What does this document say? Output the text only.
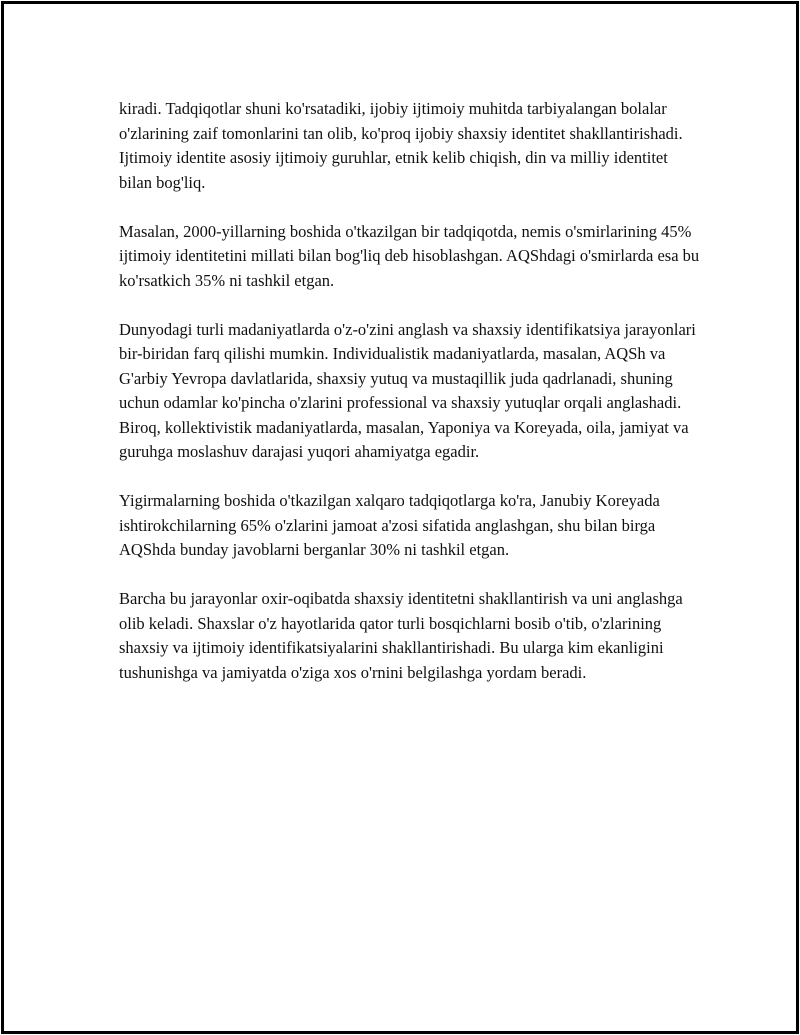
kiradi. Tadqiqotlar shuni ko'rsatadiki, ijobiy ijtimoiy muhitda tarbiyalangan bolalar o'zlarining zaif tomonlarini tan olib, ko'proq ijobiy shaxsiy identitet shakllantirishadi. Ijtimoiy identite asosiy ijtimoiy guruhlar, etnik kelib chiqish, din va milliy identitet bilan bog'liq.

Masalan, 2000-yillarning boshida o'tkazilgan bir tadqiqotda, nemis o'smirlarining 45% ijtimoiy identitetini millati bilan bog'liq deb hisoblashgan. AQShdagi o'smirlarda esa bu ko'rsatkich 35% ni tashkil etgan.

Dunyodagi turli madaniyatlarda o'z-o'zini anglash va shaxsiy identifikatsiya jarayonlari bir-biridan farq qilishi mumkin. Individualistik madaniyatlarda, masalan, AQSh va G'arbiy Yevropa davlatlarida, shaxsiy yutuq va mustaqillik juda qadrlanadi, shuning uchun odamlar ko'pincha o'zlarini professional va shaxsiy yutuqlar orqali anglashadi. Biroq, kollektivistik madaniyatlarda, masalan, Yaponiya va Koreyada, oila, jamiyat va guruhga moslashuv darajasi yuqori ahamiyatga egadir.

Yigirmalarning boshida o'tkazilgan xalqaro tadqiqotlarga ko'ra, Janubiy Koreyada ishtirokchilarning 65% o'zlarini jamoat a'zosi sifatida anglashgan, shu bilan birga AQShda bunday javoblarni berganlar 30% ni tashkil etgan.

Barcha bu jarayonlar oxir-oqibatda shaxsiy identitetni shakllantirish va uni anglashga olib keladi. Shaxslar o'z hayotlarida qator turli bosqichlarni bosib o'tib, o'zlarining shaxsiy va ijtimoiy identifikatsiyalarini shakllantirishadi. Bu ularga kim ekanligini tushunishga va jamiyatda o'ziga xos o'rnini belgilashga yordam beradi.
